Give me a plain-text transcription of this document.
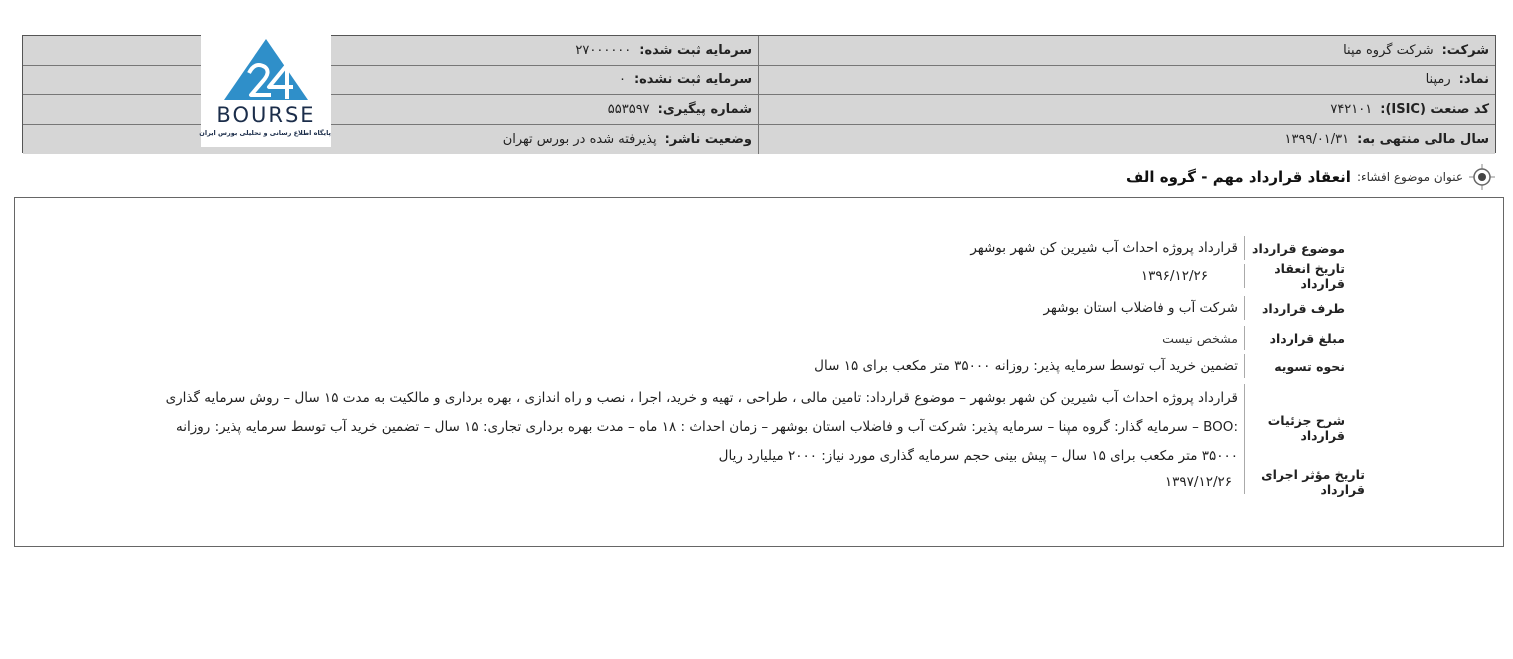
شرکت:
شرکت گروه مپنا
سرمایه ثبت شده:
۲۷۰۰۰۰۰۰
نماد:
رمپنا
سرمایه ثبت نشده:
۰
کد صنعت (ISIC):
۷۴۲۱۰۱
شماره پیگیری:
۵۵۳۵۹۷
سال مالی منتهی به:
۱۳۹۹/۰۱/۳۱
وضعیت ناشر:
پذیرفته شده در بورس تهران
BOURSE
پایگاه اطلاع رسانی و تحلیلی بورس ایران
عنوان موضوع افشاء:
انعقاد قرارداد مهم - گروه الف
موضوع قرارداد
قرارداد پروژه احداث آب شیرین کن شهر بوشهر
تاریخ انعقاد قرارداد
۱۳۹۶/۱۲/۲۶
طرف قرارداد
شرکت آب و فاضلاب استان بوشهر
مبلغ قرارداد
مشخص نیست
نحوه تسویه
تضمین خرید آب توسط سرمایه پذیر: روزانه ۳۵۰۰۰ متر مکعب برای ۱۵ سال
شرح جزئیات قرارداد
قرارداد پروژه احداث آب شیرین کن شهر بوشهر – موضوع قرارداد: تامین مالی ، طراحی ، تهیه و خرید، اجرا ، نصب و راه اندازی ، بهره برداری و مالکیت به مدت ۱۵ سال – روش سرمایه گذاری :BOO – سرمایه گذار: گروه مپنا – سرمایه پذیر: شرکت آب و فاضلاب استان بوشهر – زمان احداث : ۱۸ ماه – مدت بهره برداری تجاری: ۱۵ سال – تضمین خرید آب توسط سرمایه پذیر: روزانه ۳۵۰۰۰ متر مکعب برای ۱۵ سال – پیش بینی حجم سرمایه گذاری مورد نیاز: ۲۰۰۰ میلیارد ریال
تاریخ مؤثر اجرای قرارداد
۱۳۹۷/۱۲/۲۶
